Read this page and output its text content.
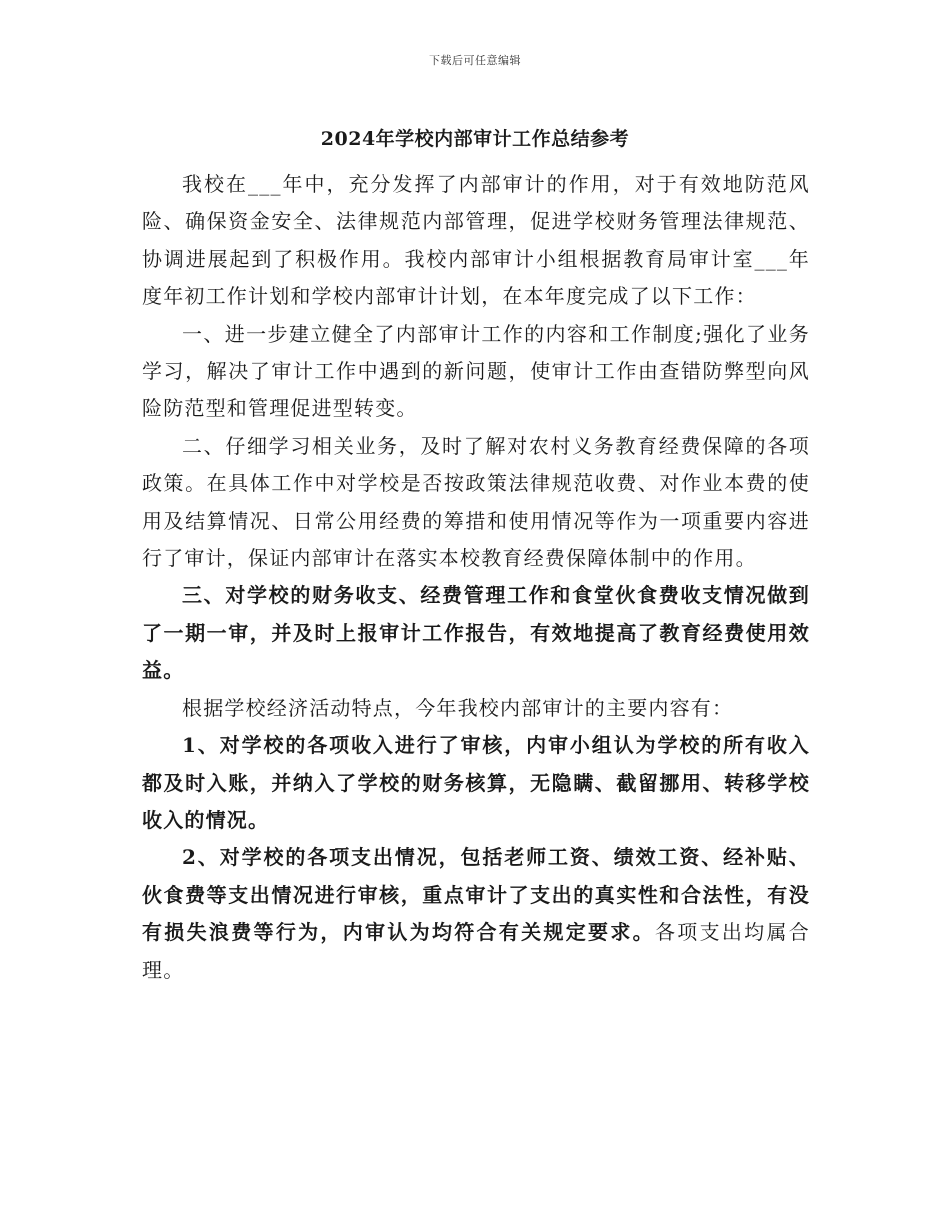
下载后可任意编辑
2024年学校内部审计工作总结参考

我校在___年中，充分发挥了内部审计的作用，对于有效地防范风险、确保资金安全、法律规范内部管理，促进学校财务管理法律规范、协调进展起到了积极作用。我校内部审计小组根据教育局审计室___年度年初工作计划和学校内部审计计划，在本年度完成了以下工作：

一、进一步建立健全了内部审计工作的内容和工作制度;强化了业务学习，解决了审计工作中遇到的新问题，使审计工作由查错防弊型向风险防范型和管理促进型转变。

二、仔细学习相关业务，及时了解对农村义务教育经费保障的各项政策。在具体工作中对学校是否按政策法律规范收费、对作业本费的使用及结算情况、日常公用经费的筹措和使用情况等作为一项重要内容进行了审计，保证内部审计在落实本校教育经费保障体制中的作用。

三、对学校的财务收支、经费管理工作和食堂伙食费收支情况做到了一期一审，并及时上报审计工作报告，有效地提高了教育经费使用效益。

根据学校经济活动特点，今年我校内部审计的主要内容有：

1、对学校的各项收入进行了审核，内审小组认为学校的所有收入都及时入账，并纳入了学校的财务核算，无隐瞒、截留挪用、转移学校收入的情况。

2、对学校的各项支出情况，包括老师工资、绩效工资、经补贴、伙食费等支出情况进行审核，重点审计了支出的真实性和合法性，有没有损失浪费等行为，内审认为均符合有关规定要求。各项支出均属合理。
